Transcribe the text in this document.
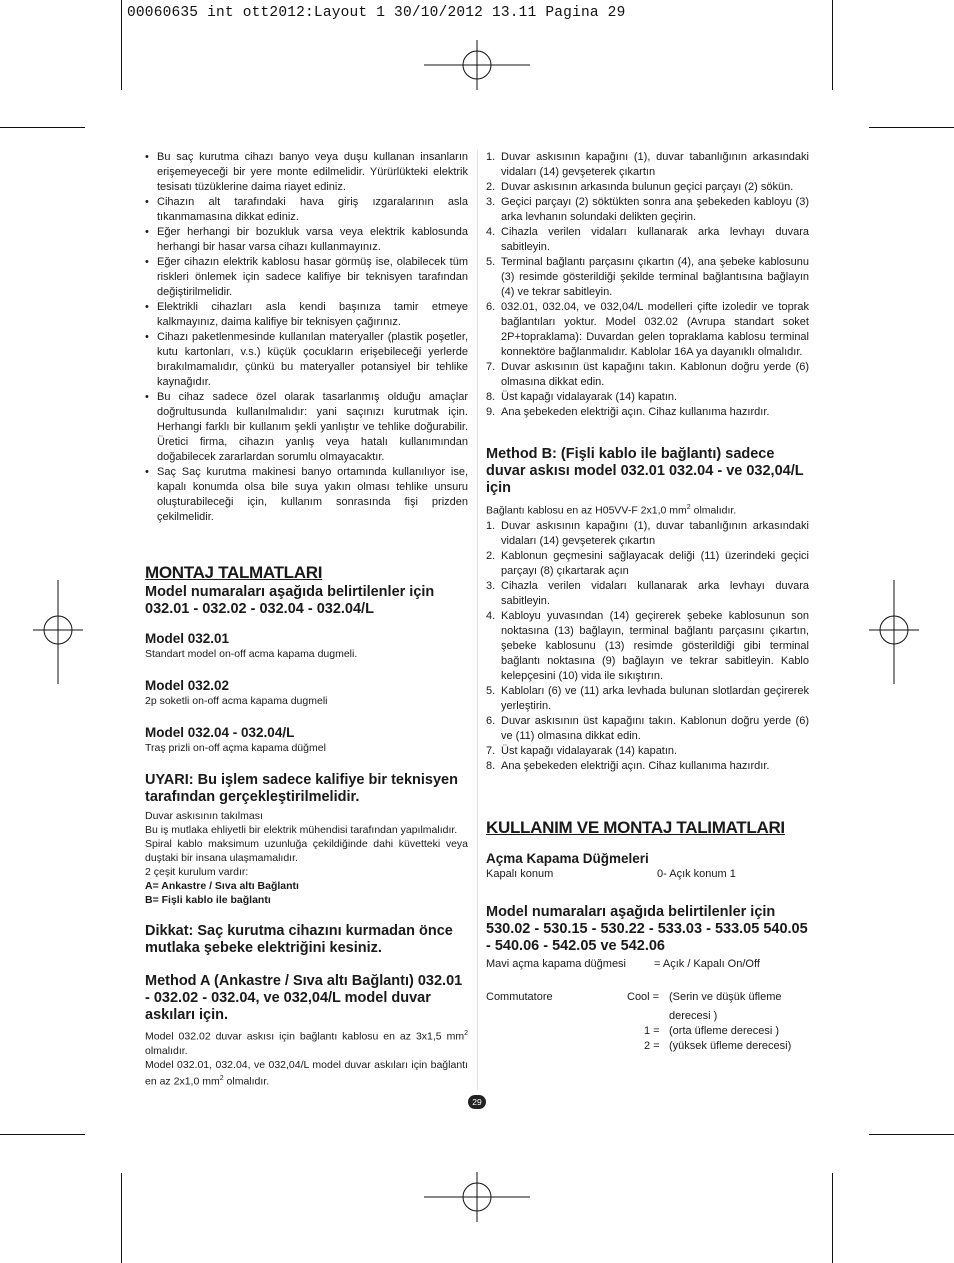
00060635 int ott2012:Layout 1 30/10/2012 13.11 Pagina 29
• Bu saç kurutma cihazı banyo veya duşu kullanan insanların erişemeyeceği bir yere monte edilmelidir. Yürürlükteki elektrik tesisatı tüzüklerine daima riayet ediniz.
• Cihazın alt tarafındaki hava giriş ızgaralarının asla tıkanmamasına dikkat ediniz.
• Eğer herhangi bir bozukluk varsa veya elektrik kablosunda herhangi bir hasar varsa cihazı kullanmayınız.
• Eğer cihazın elektrik kablosu hasar görmüş ise, olabilecek tüm riskleri önlemek için sadece kalifiye bir teknisyen tarafından değiştirilmelidir.
• Elektrikli cihazları asla kendi başınıza tamir etmeye kalkmayınız, daima kalifiye bir teknisyen çağırınız.
• Cihazı paketlenmesinde kullanılan materyaller (plastik poşetler, kutu kartonları, v.s.) küçük çocukların erişebileceği yerlerde bırakılmamalıdır, çünkü bu materyaller potansiyel bir tehlike kaynağıdır.
• Bu cihaz sadece özel olarak tasarlanmış olduğu amaçlar doğrultusunda kullanılmalıdır: yani saçınızı kurutmak için. Herhangi farklı bir kullanım şekli yanlıştır ve tehlike doğurabilir. Üretici firma, cihazın yanlış veya hatalı kullanımından doğabilecek zararlardan sorumlu olmayacaktır.
• Saç Saç kurutma makinesi banyo ortamında kullanılıyor ise, kapalı konumda olsa bile suya yakın olması tehlike unsuru oluşturabileceği için, kullanım sonrasında fişi prizden çekilmelidir.
MONTAJ TALMATLARI
Model numaraları aşağıda belirtilenler için 032.01 - 032.02 - 032.04 - 032.04/L
Model 032.01
Standart model on-off acma kapama dugmeli.
Model 032.02
2p soketli on-off acma kapama dugmeli
Model 032.04 - 032.04/L
Traş prizli on-off açma kapama düğmel
UYARI: Bu işlem sadece kalifiye bir teknisyen tarafından gerçekleştirilmelidir.
Duvar askısının takılması
Bu iş mutlaka ehliyetli bir elektrik mühendisi tarafından yapılmalıdır.
Spiral kablo maksimum uzunluğa çekildiğinde dahi küvetteki veya duştaki bir insana ulaşmamalıdır.
2 çeşit kurulum vardır:
A= Ankastre / Sıva altı Bağlantı
B= Fişli kablo ile bağlantı
Dikkat: Saç kurutma cihazını kurmadan önce mutlaka şebeke elektriğini kesiniz.
Method A (Ankastre / Sıva altı Bağlantı) 032.01 - 032.02 - 032.04, ve 032,04/L model duvar askıları için.
Model 032.02 duvar askısı için bağlantı kablosu en az 3x1,5 $mm^2$ olmalıdır.
Model 032.01, 032.04, ve 032,04/L model duvar askıları için bağlantı en az 2x1,0 $mm^2$ olmalıdır.
1. Duvar askısının kapağını (1), duvar tabanlığının arkasındaki vidaları (14) gevşeterek çıkartın
2. Duvar askısının arkasında bulunun geçici parçayı (2) sökün.
3. Geçici parçayı (2) söktükten sonra ana şebekeden kabloyu (3) arka levhanın solundaki delikten geçirin.
4. Cihazla verilen vidaları kullanarak arka levhayı duvara sabitleyin.
5. Terminal bağlantı parçasını çıkartın (4), ana şebeke kablosunu (3) resimde gösterildiği şekilde terminal bağlantısına bağlayın (4) ve tekrar sabitleyin.
6. 032.01, 032.04, ve 032,04/L modelleri çifte izoledir ve toprak bağlantıları yoktur. Model 032.02 (Avrupa standart soket 2P+topraklama): Duvardan gelen topraklama kablosu terminal konnektöre bağlanmalıdır. Kablolar 16A ya dayanıklı olmalıdır.
7. Duvar askısının üst kapağını takın. Kablonun doğru yerde (6) olmasına dikkat edin.
8. Üst kapağı vidalayarak (14) kapatın.
9. Ana şebekeden elektriği açın. Cihaz kullanıma hazırdır.
Method B: (Fişli kablo ile bağlantı) sadece duvar askısı model 032.01 032.04 - ve 032,04/L için
Bağlantı kablosu en az H05VV-F 2x1,0 $mm^2$ olmalıdır.
1. Duvar askısının kapağını (1), duvar tabanlığının arkasındaki vidaları (14) gevşeterek çıkartın
2. Kablonun geçmesini sağlayacak deliği (11) üzerindeki geçici parçayı (8) çıkartarak açın
3. Cihazla verilen vidaları kullanarak arka levhayı duvara sabitleyin.
4. Kabloyu yuvasından (14) geçirerek şebeke kablosunun son noktasına (13) bağlayın, terminal bağlantı parçasını çıkartın, şebeke kablosunu (13) resimde gösterildiği gibi terminal bağlantı noktasına (9) bağlayın ve tekrar sabitleyin. Kablo kelepçesini (10) vida ile sıkıştırın.
5. Kabloları (6) ve (11) arka levhada bulunan slotlardan geçirerek yerleştirin.
6. Duvar askısının üst kapağını takın. Kablonun doğru yerde (6) ve (11) olmasına dikkat edin.
7. Üst kapağı vidalayarak (14) kapatın.
8. Ana şebekeden elektriği açın. Cihaz kullanıma hazırdır.
KULLANIM VE MONTAJ TALIMATLARI
Açma Kapama Düğmeleri
Kapalı konum	0- Açık konum 1
Model numaraları aşağıda belirtilenler için 530.02 - 530.15 - 530.22 - 533.03 - 533.05 540.05 - 540.06 - 542.05 ve 542.06
Mavi açma kapama düğmesi	= Açık / Kapalı On/Off
Commutatore	Cool = (Serin ve düşük üfleme
derecesi )
1 = (orta üfleme derecesi )
2 = (yüksek üfleme derecesi)
29
